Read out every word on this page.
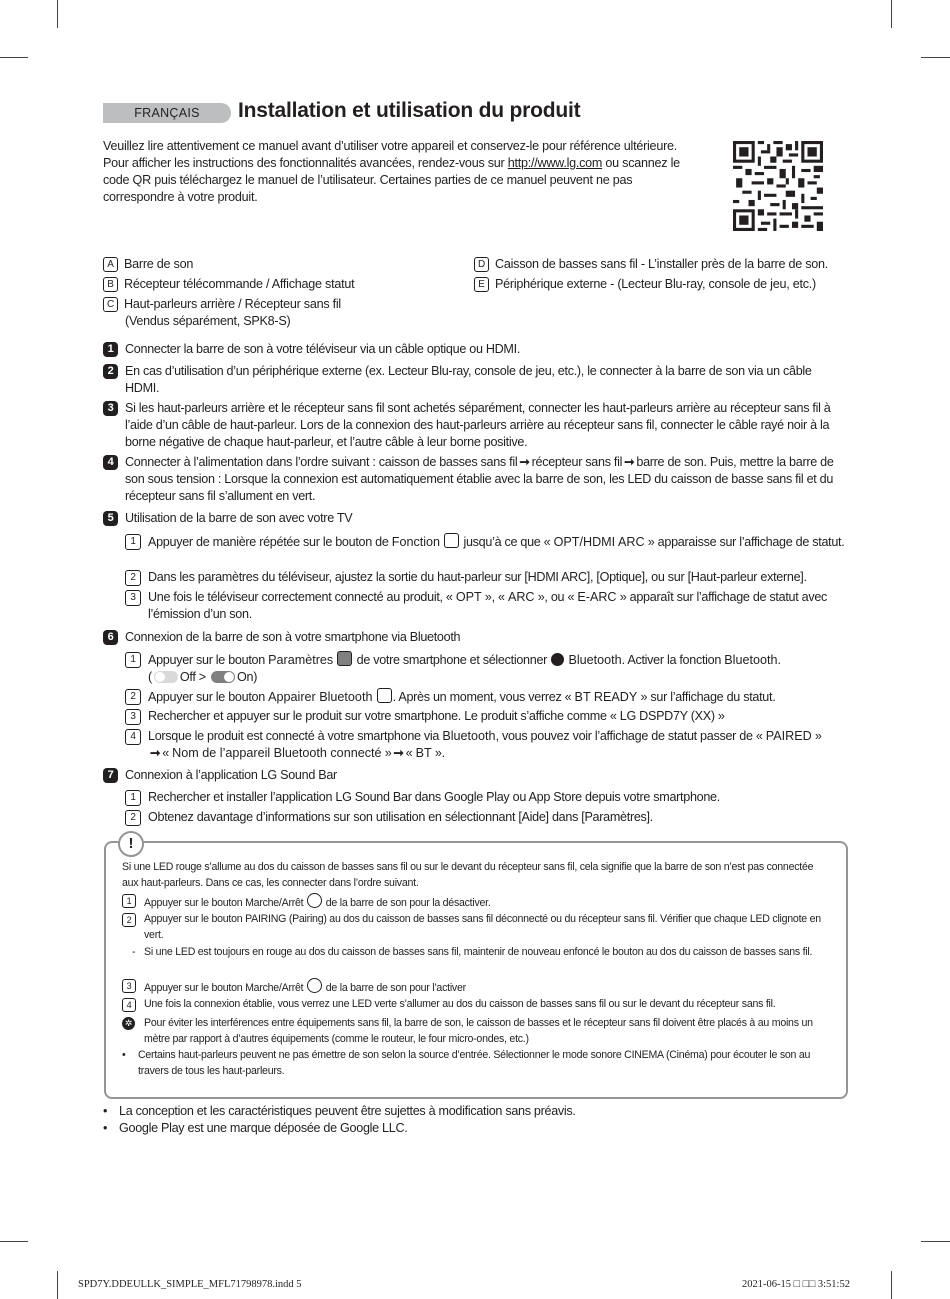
FRANÇAIS	Installation et utilisation du produit
Veuillez lire attentivement ce manuel avant d’utiliser votre appareil et conservez-le pour référence ultérieure. Pour afficher les instructions des fonctionnalités avancées, rendez-vous sur http://www.lg.com ou scannez le code QR puis téléchargez le manuel de l’utilisateur. Certaines parties de ce manuel peuvent ne pas correspondre à votre produit.
A Barre de son
B Récepteur télécommande / Affichage statut
C Haut-parleurs arrière / Récepteur sans fil
(Vendus séparément, SPK8-S)
D Caisson de basses sans fil - L’installer près de la barre de son.
E Périphérique externe - (Lecteur Blu-ray, console de jeu, etc.)
1 Connecter la barre de son à votre téléviseur via un câble optique ou HDMI.
2 En cas d’utilisation d’un périphérique externe (ex. Lecteur Blu-ray, console de jeu, etc.), le connecter à la barre de son via un câble HDMI.
3 Si les haut-parleurs arrière et le récepteur sans fil sont achetés séparément, connecter les haut-parleurs arrière au récepteur sans fil à l’aide d’un câble de haut-parleur. Lors de la connexion des haut-parleurs arrière au récepteur sans fil, connecter le câble rayé noir à la borne négative de chaque haut-parleur, et l’autre câble à leur borne positive.
4 Connecter à l’alimentation dans l’ordre suivant : caisson de basses sans fil ➞ récepteur sans fil ➞ barre de son. Puis, mettre la barre de son sous tension : Lorsque la connexion est automatiquement établie avec la barre de son, les LED du caisson de basse sans fil et du récepteur sans fil s’allument en vert.
5 Utilisation de la barre de son avec votre TV
1 Appuyer de manière répétée sur le bouton de Fonction  jusqu’à ce que « OPT/HDMI ARC » apparaisse sur l’affichage de statut.
2 Dans les paramètres du téléviseur, ajustez la sortie du haut-parleur sur [HDMI ARC], [Optique], ou sur [Haut-parleur externe].
3 Une fois le téléviseur correctement connecté au produit, « OPT », « ARC », ou « E-ARC » apparaît sur l’affichage de statut avec l’émission d’un son.
6 Connexion de la barre de son à votre smartphone via Bluetooth
1 Appuyer sur le bouton Paramètres  de votre smartphone et sélectionner  Bluetooth. Activer la fonction Bluetooth.
( Off > On)
2 Appuyer sur le bouton Appairer Bluetooth . Après un moment, vous verrez « BT READY » sur l’affichage du statut.
3 Rechercher et appuyer sur le produit sur votre smartphone. Le produit s’affiche comme « LG DSPD7Y (XX) »
4 Lorsque le produit est connecté à votre smartphone via Bluetooth, vous pouvez voir l’affichage de statut passer de « PAIRED »
➞ « Nom de l’appareil Bluetooth connecté » ➞ « BT ».
7 Connexion à l’application LG Sound Bar
1 Rechercher et installer l’application LG Sound Bar dans Google Play ou App Store depuis votre smartphone.
2 Obtenez davantage d’informations sur son utilisation en sélectionnant [Aide] dans [Paramètres].
!
Si une LED rouge s’allume au dos du caisson de basses sans fil ou sur le devant du récepteur sans fil, cela signifie que la barre de son n’est pas connectée aux haut-parleurs. Dans ce cas, les connecter dans l’ordre suivant.
1	Appuyer sur le bouton Marche/Arrêt  de la barre de son pour la désactiver.
2	Appuyer sur le bouton PAIRING (Pairing) au dos du caisson de basses sans fil déconnecté ou du récepteur sans fil. Vérifier que chaque LED clignote en vert.
- Si une LED est toujours en rouge au dos du caisson de basses sans fil, maintenir de nouveau enfoncé le bouton au dos du caisson de basses sans fil.
3	Appuyer sur le bouton Marche/Arrêt  de la barre de son pour l’activer
4	Une fois la connexion établie, vous verrez une LED verte s’allumer au dos du caisson de basses sans fil ou sur le devant du récepteur sans fil.
✲ Pour éviter les interférences entre équipements sans fil, la barre de son, le caisson de basses et le récepteur sans fil doivent être placés à au moins un mètre par rapport à d’autres équipements (comme le routeur, le four micro-ondes, etc.)
• Certains haut-parleurs peuvent ne pas émettre de son selon la source d’entrée. Sélectionner le mode sonore CINEMA (Cinéma) pour écouter le son au travers de tous les haut-parleurs.
• La conception et les caractéristiques peuvent être sujettes à modification sans préavis.
• Google Play est une marque déposée de Google LLC.
SPD7Y.DDEULLK_SIMPLE_MFL71798978.indd 5	2021-06-15 □ □□ 3:51:52
